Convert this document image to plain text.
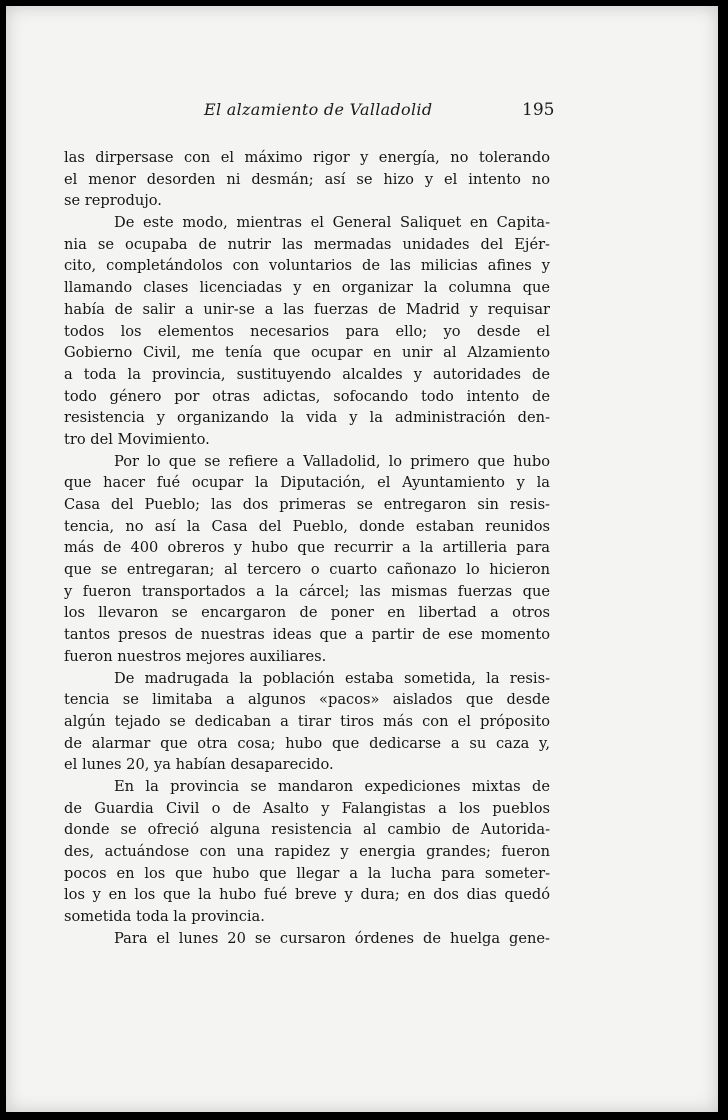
El alzamiento de Valladolid	195

las dirpersase con el máximo rigor y energía, no tolerando
el menor desorden ni desmán; así se hizo y el intento no
se reprodujo.

De este modo, mientras el General Saliquet en Capita-
nia se ocupaba de nutrir las mermadas unidades del Ejér-
cito, completándolos con voluntarios de las milicias afines y
llamando clases licenciadas y en organizar la columna que
había de salir a unir-se a las fuerzas de Madrid y requisar
todos los elementos necesarios para ello; yo desde el
Gobierno Civil, me tenía que ocupar en unir al Alzamiento
a toda la provincia, sustituyendo alcaldes y autoridades de
todo género por otras adictas, sofocando todo intento de
resistencia y organizando la vida y la administración den-
tro del Movimiento.

Por lo que se refiere a Valladolid, lo primero que hubo
que hacer fué ocupar la Diputación, el Ayuntamiento y la
Casa del Pueblo; las dos primeras se entregaron sin resis-
tencia, no así la Casa del Pueblo, donde estaban reunidos
más de 400 obreros y hubo que recurrir a la artilleria para
que se entregaran; al tercero o cuarto cañonazo lo hicieron
y fueron transportados a la cárcel; las mismas fuerzas que
los llevaron se encargaron de poner en libertad a otros
tantos presos de nuestras ideas que a partir de ese momento
fueron nuestros mejores auxiliares.

De madrugada la población estaba sometida, la resis-
tencia se limitaba a algunos «pacos» aislados que desde
algún tejado se dedicaban a tirar tiros más con el próposito
de alarmar que otra cosa; hubo que dedicarse a su caza y,
el lunes 20, ya habían desaparecido.

En la provincia se mandaron expediciones mixtas de
de Guardia Civil o de Asalto y Falangistas a los pueblos
donde se ofreció alguna resistencia al cambio de Autorida-
des, actuándose con una rapidez y energia grandes; fueron
pocos en los que hubo que llegar a la lucha para someter-
los y en los que la hubo fué breve y dura; en dos dias quedó
sometida toda la provincia.

Para el lunes 20 se cursaron órdenes de huelga gene-
